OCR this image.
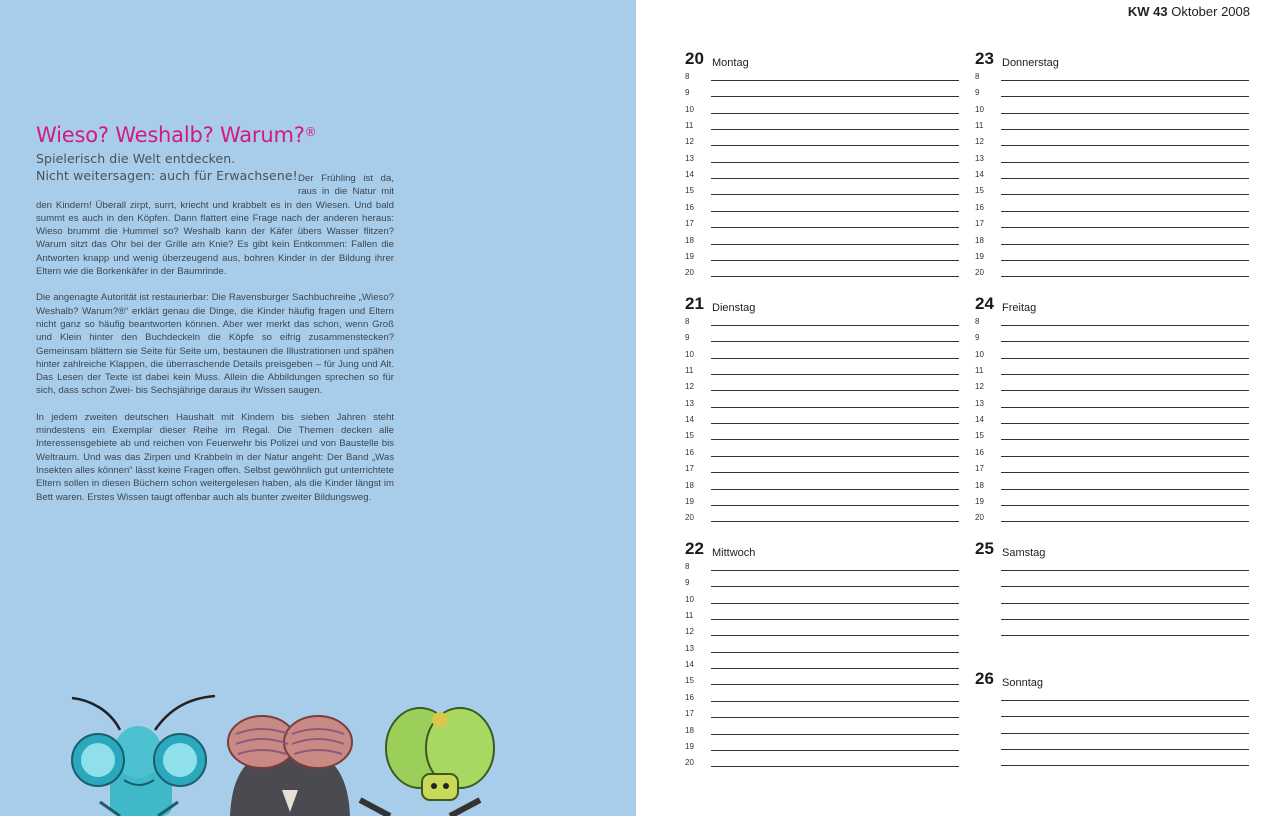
Wieso? Weshalb? Warum?®
Spielerisch die Welt entdecken.
Nicht weitersagen: auch für Erwachsene! Der Frühling ist da, raus in die Natur mit den Kindern! Überall zirpt, surrt, kriecht und krabbelt es in den Wiesen. Und bald summt es auch in den Köpfen. Dann flattert eine Frage nach der anderen heraus: Wieso brummt die Hummel so? Weshalb kann der Käfer übers Wasser flitzen? Warum sitzt das Ohr bei der Grille am Knie? Es gibt kein Entkommen: Fallen die Antworten knapp und wenig überzeugend aus, bohren Kinder in der Bildung ihrer Eltern wie die Borkenkäfer in der Baumrinde.

Die angenagte Autorität ist restaurierbar: Die Ravensburger Sachbuchreihe „Wieso? Weshalb? Warum?®“ erklärt genau die Dinge, die Kinder häufig fragen und Eltern nicht ganz so häufig beantworten können. Aber wer merkt das schon, wenn Groß und Klein hinter den Buchdeckeln die Köpfe so eifrig zusammenstecken? Gemeinsam blättern sie Seite für Seite um, bestaunen die Illustrationen und spähen hinter zahlreiche Klappen, die überraschende Details preisgeben – für Jung und Alt. Das Lesen der Texte ist dabei kein Muss. Allein die Abbildungen sprechen so für sich, dass schon Zwei- bis Sechsjährige daraus ihr Wissen saugen.

In jedem zweiten deutschen Haushalt mit Kindern bis sieben Jahren steht mindestens ein Exemplar dieser Reihe im Regal. Die Themen decken alle Interessensgebiete ab und reichen von Feuerwehr bis Polizei und von Baustelle bis Weltraum. Und was das Zirpen und Krabbeln in der Natur angeht: Der Band „Was Insekten alles können“ lässt keine Fragen offen. Selbst gewöhnlich gut unterrichtete Eltern sollen in diesen Büchern schon weitergelesen haben, als die Kinder längst im Bett waren. Erstes Wissen taugt offenbar auch als bunter zweiter Bildungsweg.

KW 43 Oktober 2008
20 Montag
8
9
10
11
12
13
14
15
16
17
18
19
20
21 Dienstag
8
9
10
11
12
13
14
15
16
17
18
19
20
22 Mittwoch
8
9
10
11
12
13
14
15
16
17
18
19
20
23 Donnerstag
8
9
10
11
12
13
14
15
16
17
18
19
20
24 Freitag
8
9
10
11
12
13
14
15
16
17
18
19
20
25 Samstag
26 Sonntag
